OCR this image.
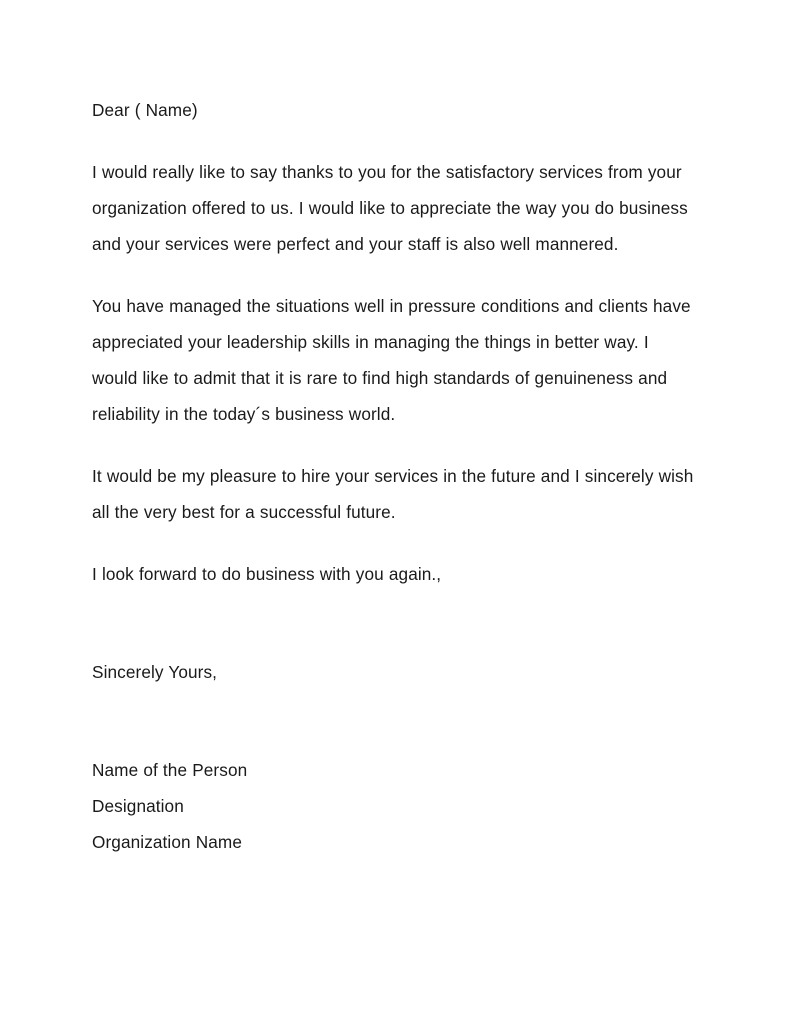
Dear ( Name)

I would really like to say thanks to you for the satisfactory services from your organization offered to us. I would like to appreciate the way you do business and your services were perfect and your staff is also well mannered.

You have managed the situations well in pressure conditions and clients have appreciated your leadership skills in managing the things in better way. I would like to admit that it is rare to find high standards of genuineness and reliability in the today´s business world.

It would be my pleasure to hire your services in the future and I sincerely wish all the very best for a successful future.

I look forward to do business with you again.,

Sincerely Yours,
Name of the Person
Designation
Organization Name
